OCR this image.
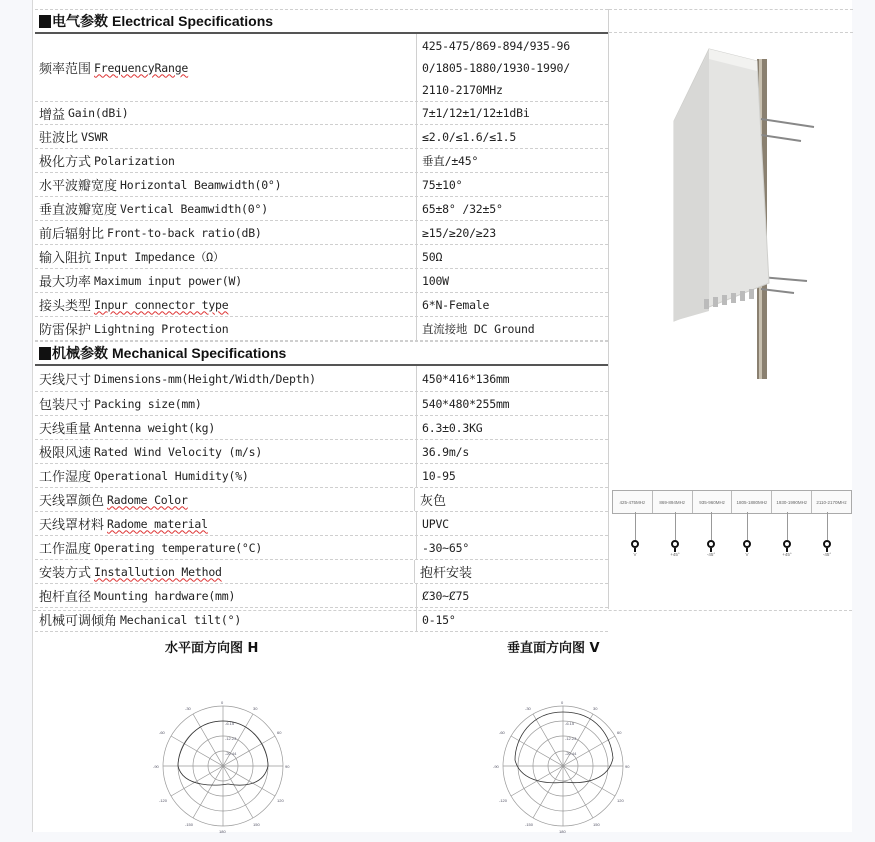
电气参数 Electrical Specifications
频率范围 FrequencyRange
425-475/869-894/935-96
0/1805-1880/1930-1990/
2110-2170MHz
增益 Gain(dBi)	7±1/12±1/12±1dBi
驻波比 VSWR	≤2.0/≤1.6/≤1.5
极化方式 Polarization	垂直/±45°
水平波瓣宽度 Horizontal Beamwidth(0°)	75±10°
垂直波瓣宽度 Vertical Beamwidth(0°)	65±8° /32±5°
前后辐射比 Front-to-back ratio(dB)	≥15/≥20/≥23
输入阻抗 Input Impedance（Ω）	50Ω
最大功率 Maximum input power(W)	100W
接头类型 Inpur connector type	6*N-Female
防雷保护 Lightning Protection	直流接地 DC Ground
机械参数 Mechanical Specifications
天线尺寸 Dimensions-mm(Height/Width/Depth)	450*416*136mm
包装尺寸 Packing size(mm)	540*480*255mm
天线重量 Antenna weight(kg)	6.3±0.3KG
极限风速 Rated Wind Velocity (m/s)	36.9m/s
工作湿度 Operational Humidity(%)	10-95
天线罩颜色 Radome Color	灰色
天线罩材料 Radome material	UPVC
工作温度 Operating temperature(°C)	-30~65°
安装方式 Installution Method	抱杆安装
抱杆直径 Mounting hardware(mm)	Ȼ30~Ȼ75
机械可调倾角 Mechanical tilt(°)	0-15°
425-475MHz	869-894MHz	935-960MHz	1805-1880MHz	1930-1990MHz	2110-2170MHz
V	+45°	-45°	V	+45°	-45°
水平面方向图 H	垂直面方向图 V
0
30
60
90
120
150
180
-150
-120
-90
-60
-30
-6.15
-12.23
-20.44
0
30
60
90
120
150
180
-150
-120
-90
-60
-30
-6.15
-12.23
-20.44
